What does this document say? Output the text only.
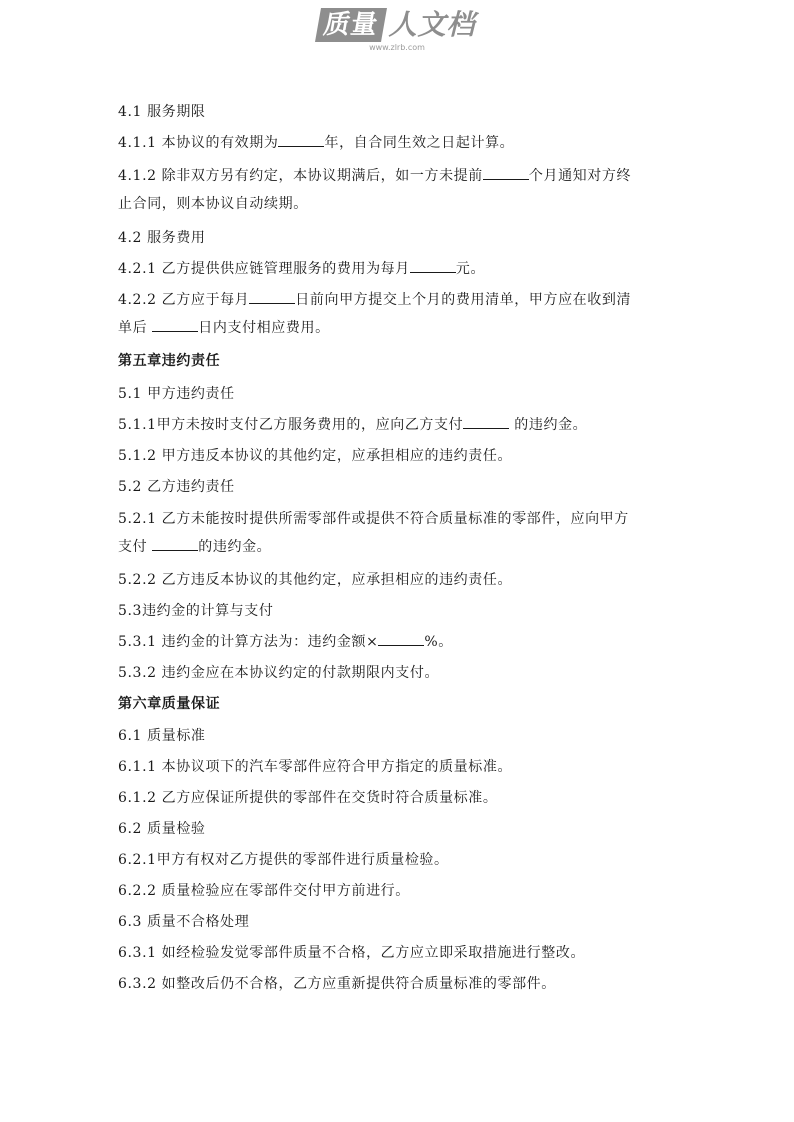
质量 人文档
www.zlrb.com
4.1 服务期限
4.1.1 本协议的有效期为	年，自合同生效之日起计算。
4.1.2 除非双方另有约定，本协议期满后，如一方未提前	个月通知对方终
止合同，则本协议自动续期。
4.2 服务费用
4.2.1 乙方提供供应链管理服务的费用为每月	元。
4.2.2 乙方应于每月	日前向甲方提交上个月的费用清单，甲方应在收到清
单后	日内支付相应费用。
第五章违约责任
5.1 甲方违约责任
5.1.1甲方未按时支付乙方服务费用的，应向乙方支付	的违约金。
5.1.2 甲方违反本协议的其他约定，应承担相应的违约责任。
5.2 乙方违约责任
5.2.1 乙方未能按时提供所需零部件或提供不符合质量标准的零部件，应向甲方
支付	的违约金。
5.2.2 乙方违反本协议的其他约定，应承担相应的违约责任。
5.3违约金的计算与支付
5.3.1 违约金的计算方法为：违约金额×	%。
5.3.2 违约金应在本协议约定的付款期限内支付。
第六章质量保证
6.1 质量标准
6.1.1 本协议项下的汽车零部件应符合甲方指定的质量标准。
6.1.2 乙方应保证所提供的零部件在交货时符合质量标准。
6.2 质量检验
6.2.1甲方有权对乙方提供的零部件进行质量检验。
6.2.2 质量检验应在零部件交付甲方前进行。
6.3 质量不合格处理
6.3.1 如经检验发觉零部件质量不合格，乙方应立即采取措施进行整改。
6.3.2 如整改后仍不合格，乙方应重新提供符合质量标准的零部件。
